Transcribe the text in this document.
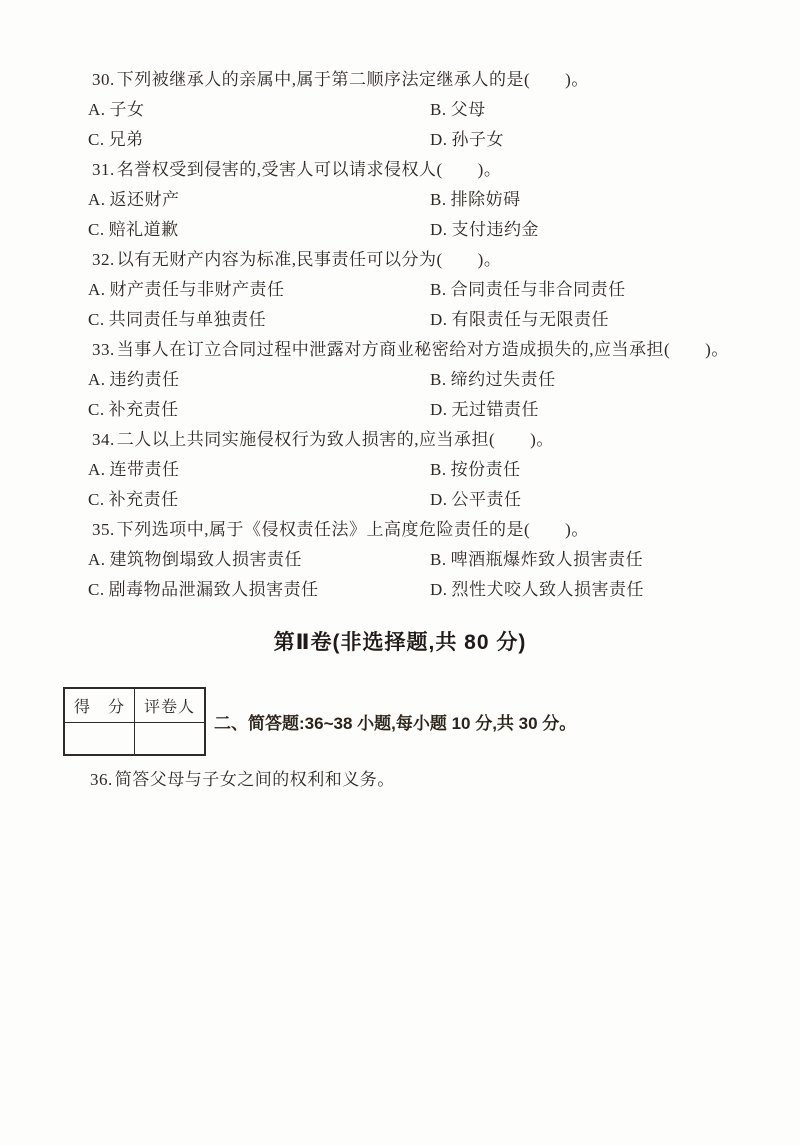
30. 下列被继承人的亲属中,属于第二顺序法定继承人的是(　　)。
A. 子女	B. 父母
C. 兄弟	D. 孙子女
31. 名誉权受到侵害的,受害人可以请求侵权人(　　)。
A. 返还财产	B. 排除妨碍
C. 赔礼道歉	D. 支付违约金
32. 以有无财产内容为标准,民事责任可以分为(　　)。
A. 财产责任与非财产责任	B. 合同责任与非合同责任
C. 共同责任与单独责任	D. 有限责任与无限责任
33. 当事人在订立合同过程中泄露对方商业秘密给对方造成损失的,应当承担(　　)。
A. 违约责任	B. 缔约过失责任
C. 补充责任	D. 无过错责任
34. 二人以上共同实施侵权行为致人损害的,应当承担(　　)。
A. 连带责任	B. 按份责任
C. 补充责任	D. 公平责任
35. 下列选项中,属于《侵权责任法》上高度危险责任的是(　　)。
A. 建筑物倒塌致人损害责任	B. 啤酒瓶爆炸致人损害责任
C. 剧毒物品泄漏致人损害责任	D. 烈性犬咬人致人损害责任
第Ⅱ卷(非选择题,共 80 分)
得　分	评卷人
二、简答题:36~38 小题,每小题 10 分,共 30 分。
36. 简答父母与子女之间的权利和义务。
